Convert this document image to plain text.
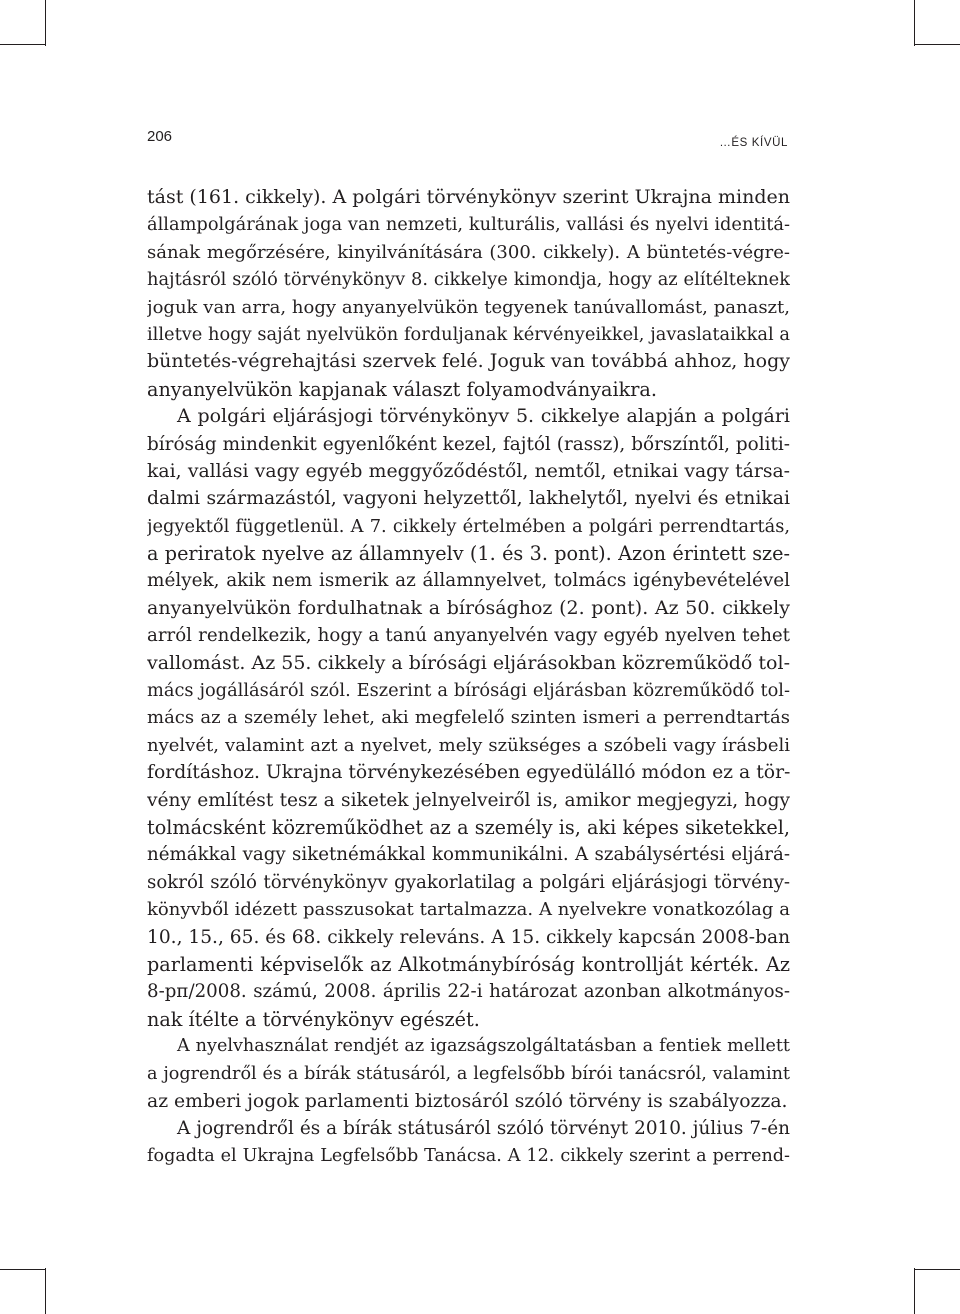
206	…ÉS KÍVÜL
tást (161. cikkely). A polgári törvénykönyv szerint Ukrajna minden
állampolgárának joga van nemzeti, kulturális, vallási és nyelvi identitá-
sának megőrzésére, kinyilvánítására (300. cikkely). A büntetés-végre-
hajtásról szóló törvénykönyv 8. cikkelye kimondja, hogy az elítélteknek
joguk van arra, hogy anyanyelvükön tegyenek tanúvallomást, panaszt,
illetve hogy saját nyelvükön forduljanak kérvényeikkel, javaslataikkal a
büntetés-végrehajtási szervek felé. Joguk van továbbá ahhoz, hogy
anyanyelvükön kapjanak választ folyamodványaikra.
A polgári eljárásjogi törvénykönyv 5. cikkelye alapján a polgári
bíróság mindenkit egyenlőként kezel, fajtól (rassz), bőrszíntől, politi-
kai, vallási vagy egyéb meggyőződéstől, nemtől, etnikai vagy társa-
dalmi származástól, vagyoni helyzettől, lakhelytől, nyelvi és etnikai
jegyektől függetlenül. A 7. cikkely értelmében a polgári perrendtartás,
a periratok nyelve az államnyelv (1. és 3. pont). Azon érintett sze-
mélyek, akik nem ismerik az államnyelvet, tolmács igénybevételével
anyanyelvükön fordulhatnak a bírósághoz (2. pont). Az 50. cikkely
arról rendelkezik, hogy a tanú anyanyelvén vagy egyéb nyelven tehet
vallomást. Az 55. cikkely a bírósági eljárásokban közreműködő tol-
mács jogállásáról szól. Eszerint a bírósági eljárásban közreműködő tol-
mács az a személy lehet, aki megfelelő szinten ismeri a perrendtartás
nyelvét, valamint azt a nyelvet, mely szükséges a szóbeli vagy írásbeli
fordításhoz. Ukrajna törvénykezésében egyedülálló módon ez a tör-
vény említést tesz a siketek jelnyelveiről is, amikor megjegyzi, hogy
tolmácsként közreműködhet az a személy is, aki képes siketekkel,
némákkal vagy siketnémákkal kommunikálni. A szabálysértési eljárá-
sokról szóló törvénykönyv gyakorlatilag a polgári eljárásjogi törvény-
könyvből idézett passzusokat tartalmazza. A nyelvekre vonatkozólag a
10., 15., 65. és 68. cikkely releváns. A 15. cikkely kapcsán 2008-ban
parlamenti képviselők az Alkotmánybíróság kontrollját kérték. Az
8-рп/2008. számú, 2008. április 22-i határozat azonban alkotmányos-
nak ítélte a törvénykönyv egészét.
A nyelvhasználat rendjét az igazságszolgáltatásban a fentiek mellett
a jogrendről és a bírák státusáról, a legfelsőbb bírói tanácsról, valamint
az emberi jogok parlamenti biztosáról szóló törvény is szabályozza.
A jogrendről és a bírák státusáról szóló törvényt 2010. július 7-én
fogadta el Ukrajna Legfelsőbb Tanácsa. A 12. cikkely szerint a perrend-
